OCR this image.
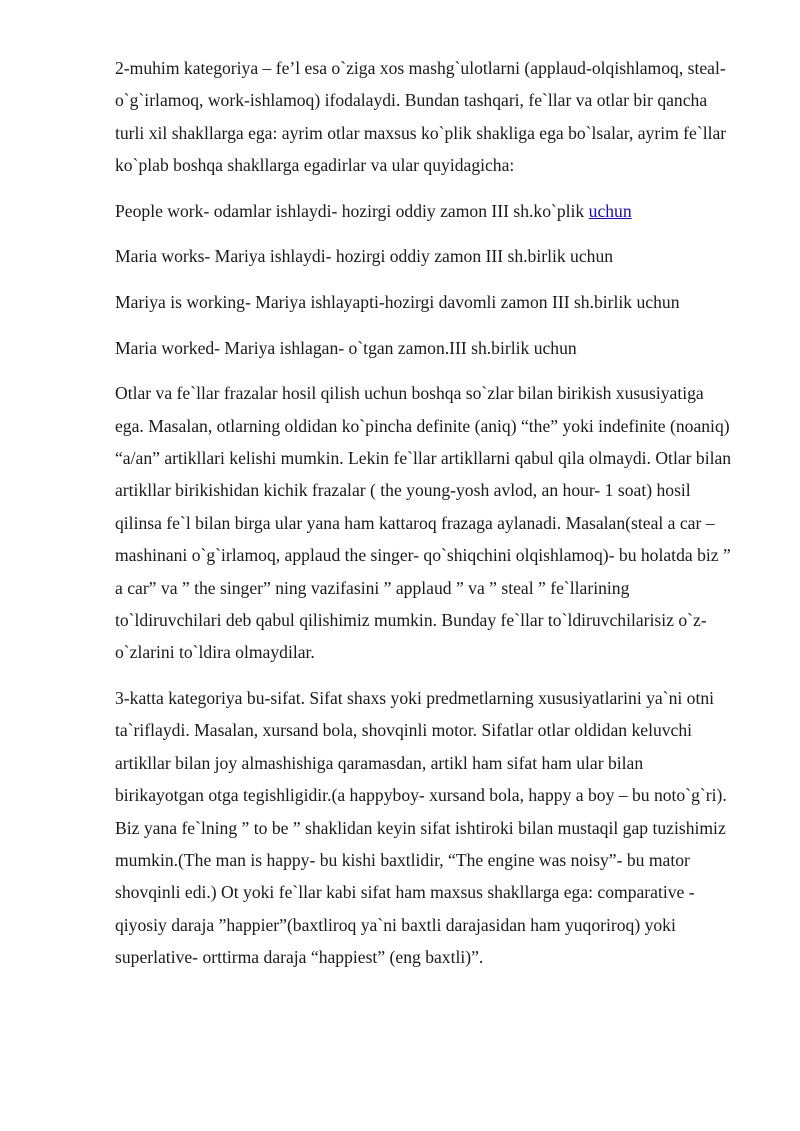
2-muhim kategoriya – fe’l esa o`ziga xos mashg`ulotlarni (applaud-olqishlamoq, steal-o`g`irlamoq, work-ishlamoq) ifodalaydi. Bundan tashqari, fe`llar va otlar bir qancha turli xil shakllarga ega: ayrim otlar maxsus ko`plik shakliga ega bo`lsalar, ayrim fe`llar ko`plab boshqa shakllarga egadirlar va ular quyidagicha:

People work- odamlar ishlaydi- hozirgi oddiy zamon III sh.ko`plik uchun

Maria works- Mariya ishlaydi- hozirgi oddiy zamon III sh.birlik uchun

Mariya is working- Mariya ishlayapti-hozirgi davomli zamon III sh.birlik uchun

Maria worked- Mariya ishlagan- o`tgan zamon.III sh.birlik uchun

Otlar va fe`llar frazalar hosil qilish uchun boshqa so`zlar bilan birikish xususiyatiga ega. Masalan, otlarning oldidan ko`pincha definite (aniq) “the” yoki indefinite (noaniq) “a/an” artikllari kelishi mumkin. Lekin fe`llar artikllarni qabul qila olmaydi. Otlar bilan artikllar birikishidan kichik frazalar ( the young-yosh avlod, an hour- 1 soat) hosil qilinsa fe`l bilan birga ular yana ham kattaroq frazaga aylanadi. Masalan(steal a car – mashinani o`g`irlamoq, applaud the singer- qo`shiqchini olqishlamoq)- bu holatda biz ” a car” va ” the singer” ning vazifasini ” applaud ” va ” steal ” fe`llarining to`ldiruvchilari deb qabul qilishimiz mumkin. Bunday fe`llar to`ldiruvchilarisiz o`z- o`zlarini to`ldira olmaydilar.

3-katta kategoriya bu-sifat. Sifat shaxs yoki predmetlarning xususiyatlarini ya`ni otni ta`riflaydi. Masalan, xursand bola, shovqinli motor. Sifatlar otlar oldidan keluvchi artikllar bilan joy almashishiga qaramasdan, artikl ham sifat ham ular bilan birikayotgan otga tegishligidir.(a happyboy- xursand bola, happy a boy – bu noto`g`ri). Biz yana fe`lning ” to be ” shaklidan keyin sifat ishtiroki bilan mustaqil gap tuzishimiz mumkin.(The man is happy- bu kishi baxtlidir, “The engine was noisy”- bu mator shovqinli edi.) Ot yoki fe`llar kabi sifat ham maxsus shakllarga ega: comparative - qiyosiy daraja ”happier”(baxtliroq ya`ni baxtli darajasidan ham yuqoriroq) yoki superlative- orttirma daraja “happiest” (eng baxtli)”.
